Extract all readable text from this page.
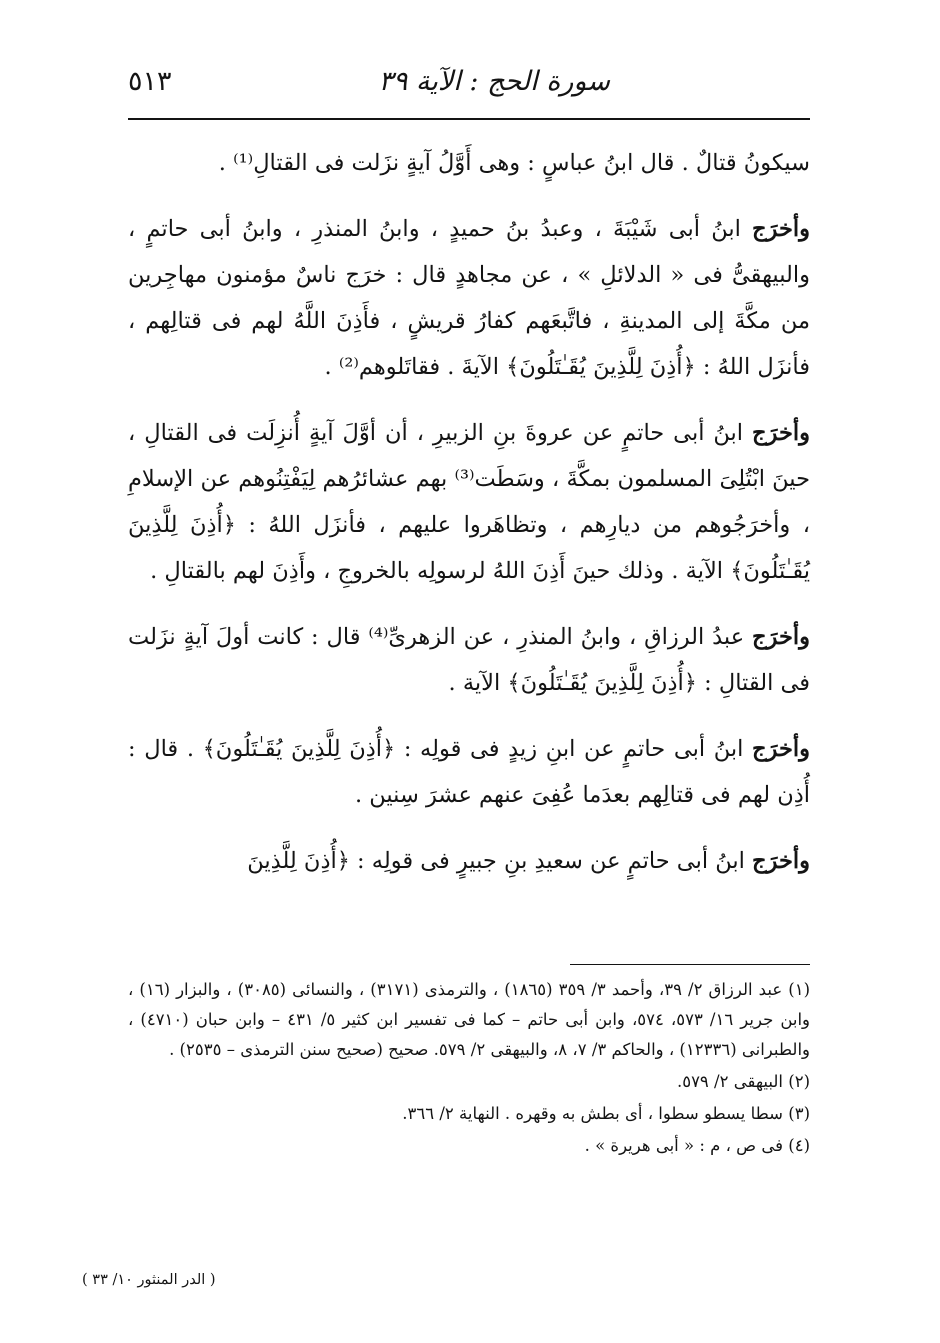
سورة الحج : الآية ٣٩
٥١٣

سيكونُ قتالٌ . قال ابنُ عباسٍ : وهى أَوَّلُ آيةٍ نزَلت فى القتالِ⁽¹⁾ .

وأخرَج ابنُ أبى شَيْبَةَ ، وعبدُ بنُ حميدٍ ، وابنُ المنذرِ ، وابنُ أبى حاتمٍ ، والبيهقىُّ فى « الدلائلِ » ، عن مجاهدٍ قال : خرَج ناسٌ مؤمنون مهاجِرين من مكَّةَ إلى المدينةِ ، فاتَّبعَهم كفارُ قريشٍ ، فأَذِنَ اللَّهُ لهم فى قتالِهم ، فأنزَل اللهُ : ﴿أُذِنَ لِلَّذِينَ يُقَـٰتَلُونَ﴾ الآيةَ . فقاتَلوهم⁽²⁾ .

وأخرَج ابنُ أبى حاتمٍ عن عروةَ بنِ الزبيرِ ، أن أوَّلَ آيةٍ أُنزِلَت فى القتالِ ، حينَ ابْتُلِىَ المسلمون بمكَّةَ ، وسَطَت⁽³⁾ بهم عشائرُهم لِيَفْتِنُوهم عن الإسلامِ ، وأخرَجُوهم من ديارِهم ، وتظاهَروا عليهم ، فأنزَل اللهُ : ﴿أُذِنَ لِلَّذِينَ يُقَـٰتَلُونَ﴾ الآية . وذلك حينَ أَذِنَ اللهُ لرسولِه بالخروجِ ، وأَذِنَ لهم بالقتالِ .

وأخرَج عبدُ الرزاقِ ، وابنُ المنذرِ ، عن الزهرىِّ⁽⁴⁾ قال : كانت أولَ آيةٍ نزَلت فى القتالِ : ﴿أُذِنَ لِلَّذِينَ يُقَـٰتَلُونَ﴾ الآية .

وأخرَج ابنُ أبى حاتمٍ عن ابنِ زيدٍ فى قولِه : ﴿أُذِنَ لِلَّذِينَ يُقَـٰتَلُونَ﴾ . قال : أُذِن لهم فى قتالِهم بعدَما عُفِىَ عنهم عشرَ سِنين .

وأخرَج ابنُ أبى حاتمٍ عن سعيدِ بنِ جبيرٍ فى قولِه : ﴿أُذِنَ لِلَّذِينَ

(١) عبد الرزاق ٢/ ٣٩، وأحمد ٣/ ٣٥٩ (١٨٦٥) ، والترمذى (٣١٧١) ، والنسائى (٣٠٨٥) ، والبزار (١٦) ، وابن جرير ١٦/ ٥٧٣، ٥٧٤، وابن أبى حاتم – كما فى تفسير ابن كثير ٥/ ٤٣١ – وابن حبان (٤٧١٠) ، والطبرانى (١٢٣٣٦) ، والحاكم ٣/ ٧، ٨، والبيهقى ٢/ ٥٧٩. صحيح (صحيح سنن الترمذى – ٢٥٣٥) .

(٢) البيهقى ٢/ ٥٧٩.

(٣) سطا يسطو سطوا ، أى بطش به وقهره . النهاية ٢/ ٣٦٦.

(٤) فى ص ، م : « أبى هريرة » .

( الدر المنثور ١٠/ ٣٣ )
